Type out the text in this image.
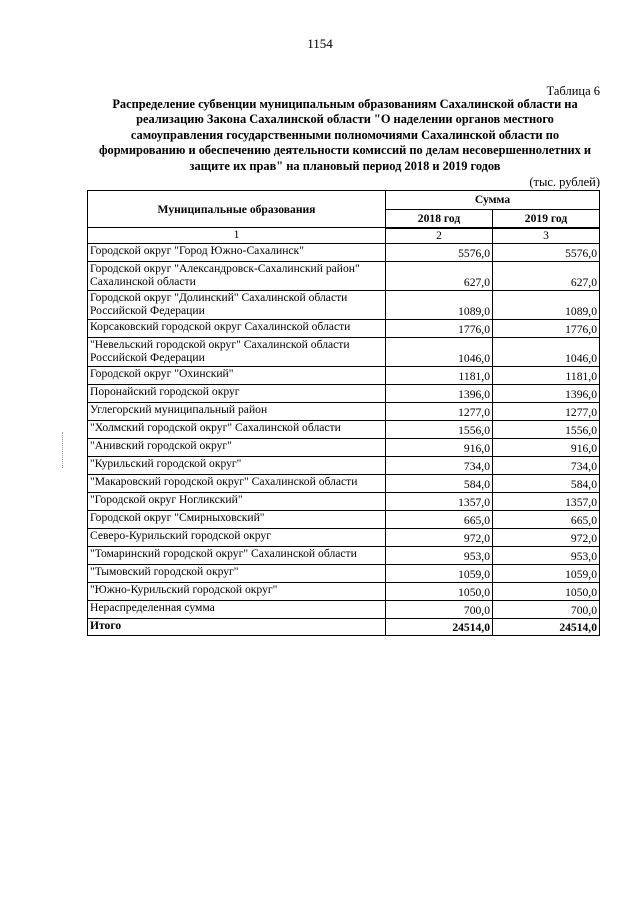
1154
Таблица 6
Распределение субвенции муниципальным образованиям Сахалинской области на
реализацию Закона Сахалинской области "О наделении органов местного
самоуправления государственными полномочиями Сахалинской области по
формированию и обеспечению деятельности комиссий по делам несовершеннолетних и
защите их прав" на плановый период 2018 и 2019 годов
(тыс. рублей)
Муниципальные образования	Сумма	
	2018 год	2019 год
1	2	3

Городской округ "Город Южно-Сахалинск"	5576,0	5576,0

Городской округ "Александровск-Сахалинский район"
Сахалинской области	627,0	627,0

Городской округ "Долинский" Сахалинской области
Российской Федерации	1089,0	1089,0

Корсаковский городской округ Сахалинской области	1776,0	1776,0

"Невельский городской округ" Сахалинской области
Российской Федерации	1046,0	1046,0

Городской округ "Охинский"	1181,0	1181,0

Поронайский городской округ	1396,0	1396,0

Углегорский муниципальный район	1277,0	1277,0

"Холмский городской округ" Сахалинской области	1556,0	1556,0

"Анивский городской округ"	916,0	916,0

"Курильский городской округ"	734,0	734,0

"Макаровский городской округ" Сахалинской области	584,0	584,0

"Городской округ Ногликский"	1357,0	1357,0

Городской округ "Смирныховский"	665,0	665,0

Северо-Курильский городской округ	972,0	972,0

"Томаринский городской округ" Сахалинской области	953,0	953,0

"Тымовский городской округ"	1059,0	1059,0

"Южно-Курильский городской округ"	1050,0	1050,0

Нераспределенная сумма	700,0	700,0
Итого	24514,0	24514,0
